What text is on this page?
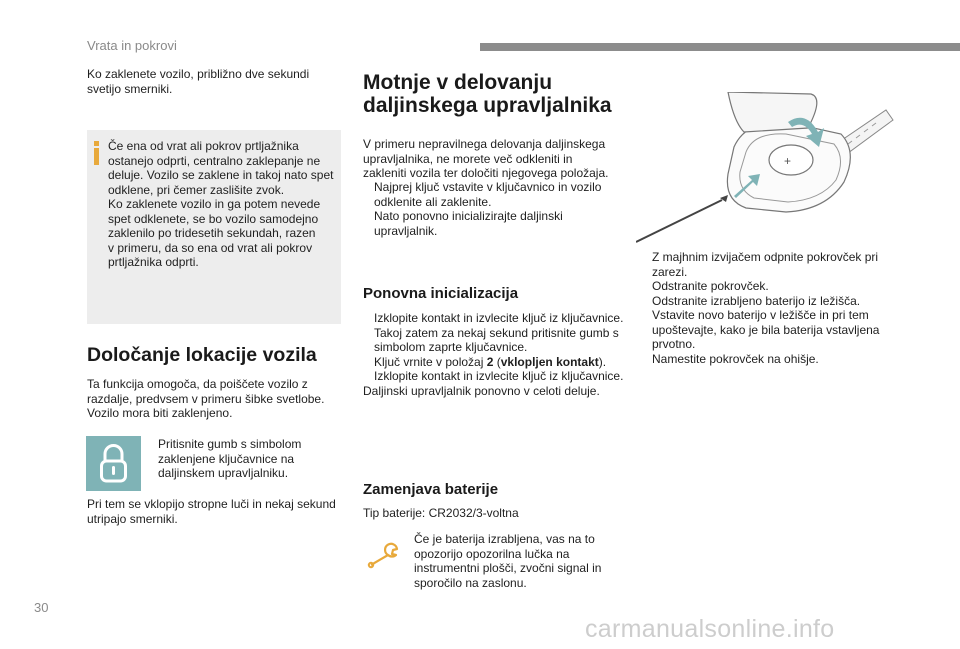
Vrata in pokrovi

Ko zaklenete vozilo, približno dve sekundi svetijo smerniki.

Če ena od vrat ali pokrov prtljažnika
ostanejo odprti, centralno zaklepanje ne
deluje. Vozilo se zaklene in takoj nato spet
odklene, pri čemer zaslišite zvok.
Ko zaklenete vozilo in ga potem nevede
spet odklenete, se bo vozilo samodejno
zaklenilo po tridesetih sekundah, razen
v primeru, da so ena od vrat ali pokrov
prtljažnika odprti.
Določanje lokacije vozila

Ta funkcija omogoča, da poiščete vozilo z razdalje, predvsem v primeru šibke svetlobe. Vozilo mora biti zaklenjeno.

Pritisnite gumb s simbolom zaklenjene ključavnice na daljinskem upravljalniku.

Pri tem se vklopijo stropne luči in nekaj sekund utripajo smerniki.

Motnje v delovanju
daljinskega upravljalnika

V primeru nepravilnega delovanja daljinskega upravljalnika, ne morete več odkleniti in zakleniti vozila ter določiti njegovega položaja.

Najprej ključ vstavite v ključavnico in vozilo odklenite ali zaklenite.
Nato ponovno inicializirajte daljinski upravljalnik.
Ponovna inicializacija
Izklopite kontakt in izvlecite ključ iz ključavnice.
Takoj zatem za nekaj sekund pritisnite gumb s simbolom zaprte ključavnice.
Ključ vrnite v položaj 2 (vklopljen kontakt).
Izklopite kontakt in izvlecite ključ iz ključavnice.
Daljinski upravljalnik ponovno v celoti deluje.
Zamenjava baterije

Tip baterije: CR2032/3-voltna

Če je baterija izrabljena, vas na to opozorijo opozorilna lučka na instrumentni plošči, zvočni signal in sporočilo na zaslonu.

+
Z majhnim izvijačem odpnite pokrovček pri zarezi.
Odstranite pokrovček.
Odstranite izrabljeno baterijo iz ležišča.
Vstavite novo baterijo v ležišče in pri tem upoštevajte, kako je bila baterija vstavljena prvotno.
Namestite pokrovček na ohišje.
30
carmanualsonline.info
